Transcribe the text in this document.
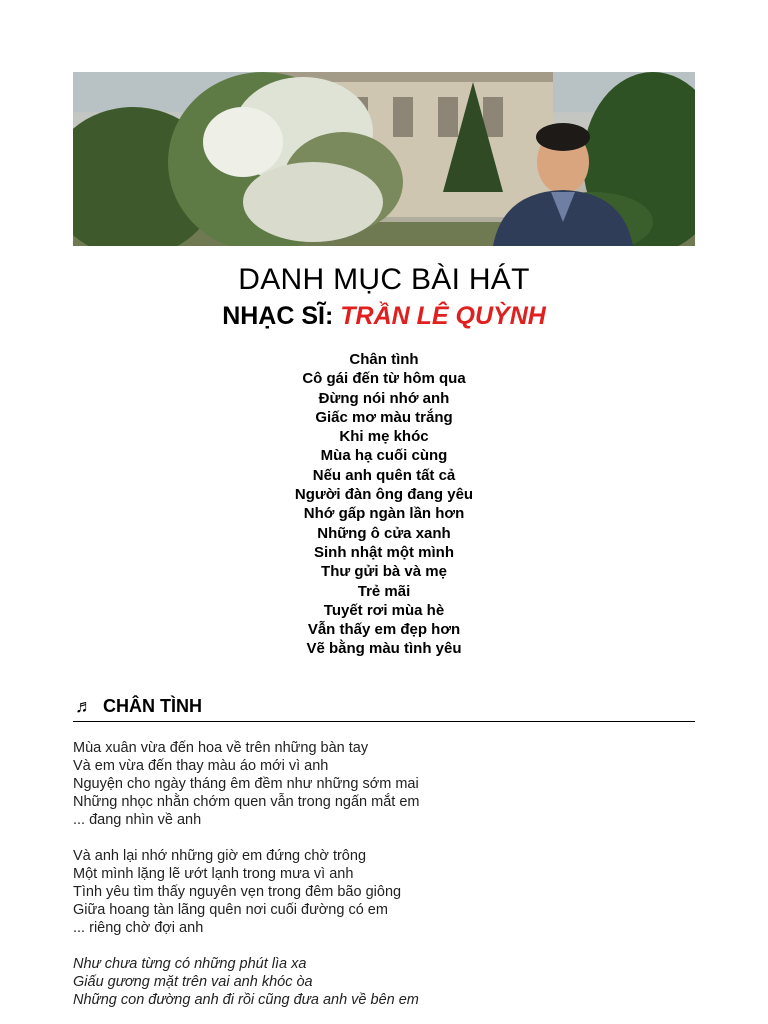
DANH MỤC BÀI HÁT
NHẠC SĨ: TRẦN LÊ QUỲNH
Chân tình
Cô gái đến từ hôm qua
Đừng nói nhớ anh
Giấc mơ màu trắng
Khi mẹ khóc
Mùa hạ cuối cùng
Nếu anh quên tất cả
Người đàn ông đang yêu
Nhớ gấp ngàn lần hơn
Những ô cửa xanh
Sinh nhật một mình
Thư gửi bà và mẹ
Trẻ mãi
Tuyết rơi mùa hè
Vẫn thấy em đẹp hơn
Vẽ bằng màu tình yêu
♬ CHÂN TÌNH
Mùa xuân vừa đến hoa về trên những bàn tay
Và em vừa đến thay màu áo mới vì anh
Nguyện cho ngày tháng êm đềm như những sớm mai
Những nhọc nhằn chớm quen vẫn trong ngấn mắt em
... đang nhìn về anh
Và anh lại nhớ những giờ em đứng chờ trông
Một mình lặng lẽ ướt lạnh trong mưa vì anh
Tình yêu tìm thấy nguyên vẹn trong đêm bão giông
Giữa hoang tàn lãng quên nơi cuối đường có em
... riêng chờ đợi anh
Như chưa từng có những phút lìa xa
Giấu gương mặt trên vai anh khóc òa
Những con đường anh đi rồi cũng đưa anh về bên em
